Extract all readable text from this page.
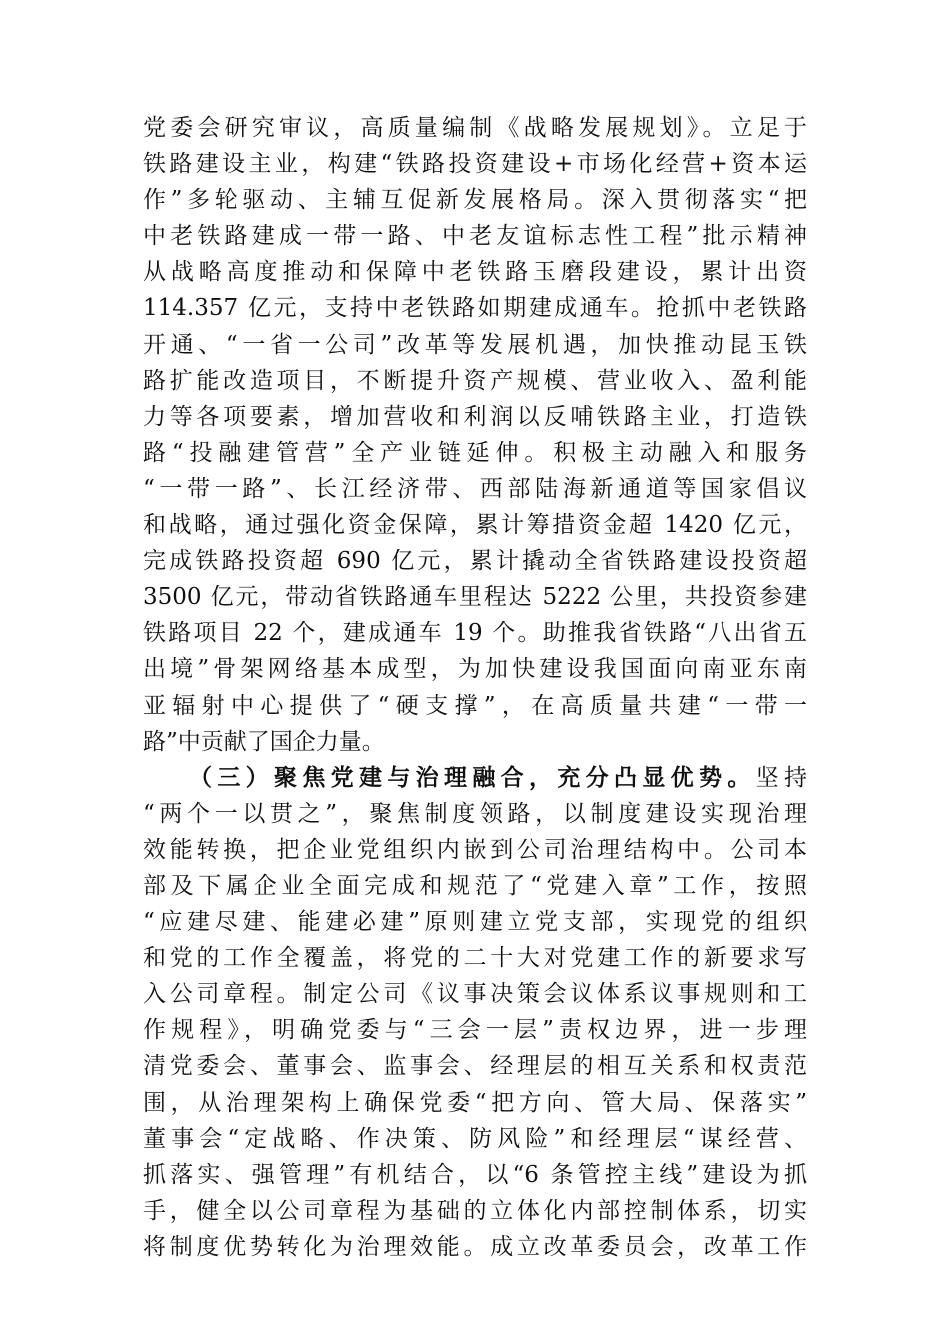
党委会研究审议，高质量编制《战略发展规划》。立足于
铁路建设主业，构建“铁路投资建设+市场化经营+资本运
作”多轮驱动、主辅互促新发展格局。深入贯彻落实“把
中老铁路建成一带一路、中老友谊标志性工程”批示精神
从战略高度推动和保障中老铁路玉磨段建设，累计出资
114.357 亿元，支持中老铁路如期建成通车。抢抓中老铁路
开通、“一省一公司”改革等发展机遇，加快推动昆玉铁
路扩能改造项目，不断提升资产规模、营业收入、盈利能
力等各项要素，增加营收和利润以反哺铁路主业，打造铁
路“投融建管营”全产业链延伸。积极主动融入和服务
“一带一路”、长江经济带、西部陆海新通道等国家倡议
和战略，通过强化资金保障，累计筹措资金超 1420 亿元，
完成铁路投资超 690 亿元，累计撬动全省铁路建设投资超
3500 亿元，带动省铁路通车里程达 5222 公里，共投资参建
铁路项目 22 个，建成通车 19 个。助推我省铁路“八出省五
出境”骨架网络基本成型，为加快建设我国面向南亚东南
亚辐射中心提供了“硬支撑”，在高质量共建“一带一
路”中贡献了国企力量。
（三）聚焦党建与治理融合，充分凸显优势。坚持
“两个一以贯之”，聚焦制度领路，以制度建设实现治理
效能转换，把企业党组织内嵌到公司治理结构中。公司本
部及下属企业全面完成和规范了“党建入章”工作，按照
“应建尽建、能建必建”原则建立党支部，实现党的组织
和党的工作全覆盖，将党的二十大对党建工作的新要求写
入公司章程。制定公司《议事决策会议体系议事规则和工
作规程》，明确党委与“三会一层”责权边界，进一步理
清党委会、董事会、监事会、经理层的相互关系和权责范
围，从治理架构上确保党委“把方向、管大局、保落实”
董事会“定战略、作决策、防风险”和经理层“谋经营、
抓落实、强管理”有机结合，以“6 条管控主线”建设为抓
手，健全以公司章程为基础的立体化内部控制体系，切实
将制度优势转化为治理效能。成立改革委员会，改革工作
